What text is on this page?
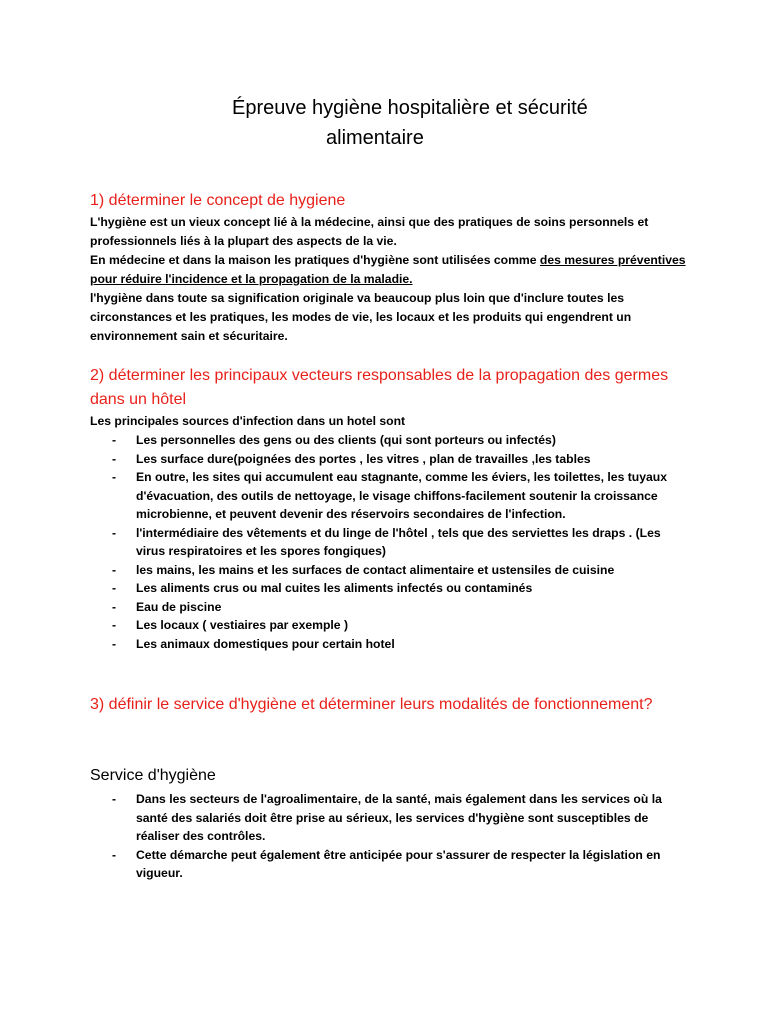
Épreuve hygiène hospitalière et sécurité
alimentaire
1) déterminer le concept de hygiene
L'hygiène est un vieux concept lié à la médecine, ainsi que des pratiques de soins personnels et professionnels liés à la plupart des aspects de la vie.
En médecine et dans la maison les pratiques d'hygiène sont utilisées comme des mesures préventives pour réduire l'incidence et la propagation de la maladie.
l'hygiène dans toute sa signification originale va beaucoup plus loin que d'inclure toutes les circonstances et les pratiques, les modes de vie, les locaux et les produits qui engendrent un environnement sain et sécuritaire.
2) déterminer les principaux vecteurs responsables de la propagation des germes dans un hôtel
Les principales sources d'infection dans un hotel sont
- Les personnelles des gens ou des clients (qui sont porteurs ou infectés)
- Les surface dure(poignées des portes , les vitres , plan de travailles ,les tables
- En outre, les sites qui accumulent eau stagnante, comme les éviers, les toilettes, les tuyaux d'évacuation, des outils de nettoyage, le visage chiffons-facilement soutenir la croissance microbienne, et peuvent devenir des réservoirs secondaires de l'infection.
- l'intermédiaire des vêtements et du linge de l'hôtel , tels que des serviettes les draps . (Les virus respiratoires et les spores fongiques)
- les mains, les mains et les surfaces de contact alimentaire et ustensiles de cuisine
- Les aliments crus ou mal cuites les aliments infectés ou contaminés
- Eau de piscine
- Les locaux ( vestiaires par exemple )
- Les animaux domestiques pour certain hotel
3) définir le service d'hygiène et déterminer leurs modalités de fonctionnement?
Service d'hygiène
- Dans les secteurs de l'agroalimentaire, de la santé, mais également dans les services où la santé des salariés doit être prise au sérieux, les services d'hygiène sont susceptibles de réaliser des contrôles.
- Cette démarche peut également être anticipée pour s'assurer de respecter la législation en vigueur.
